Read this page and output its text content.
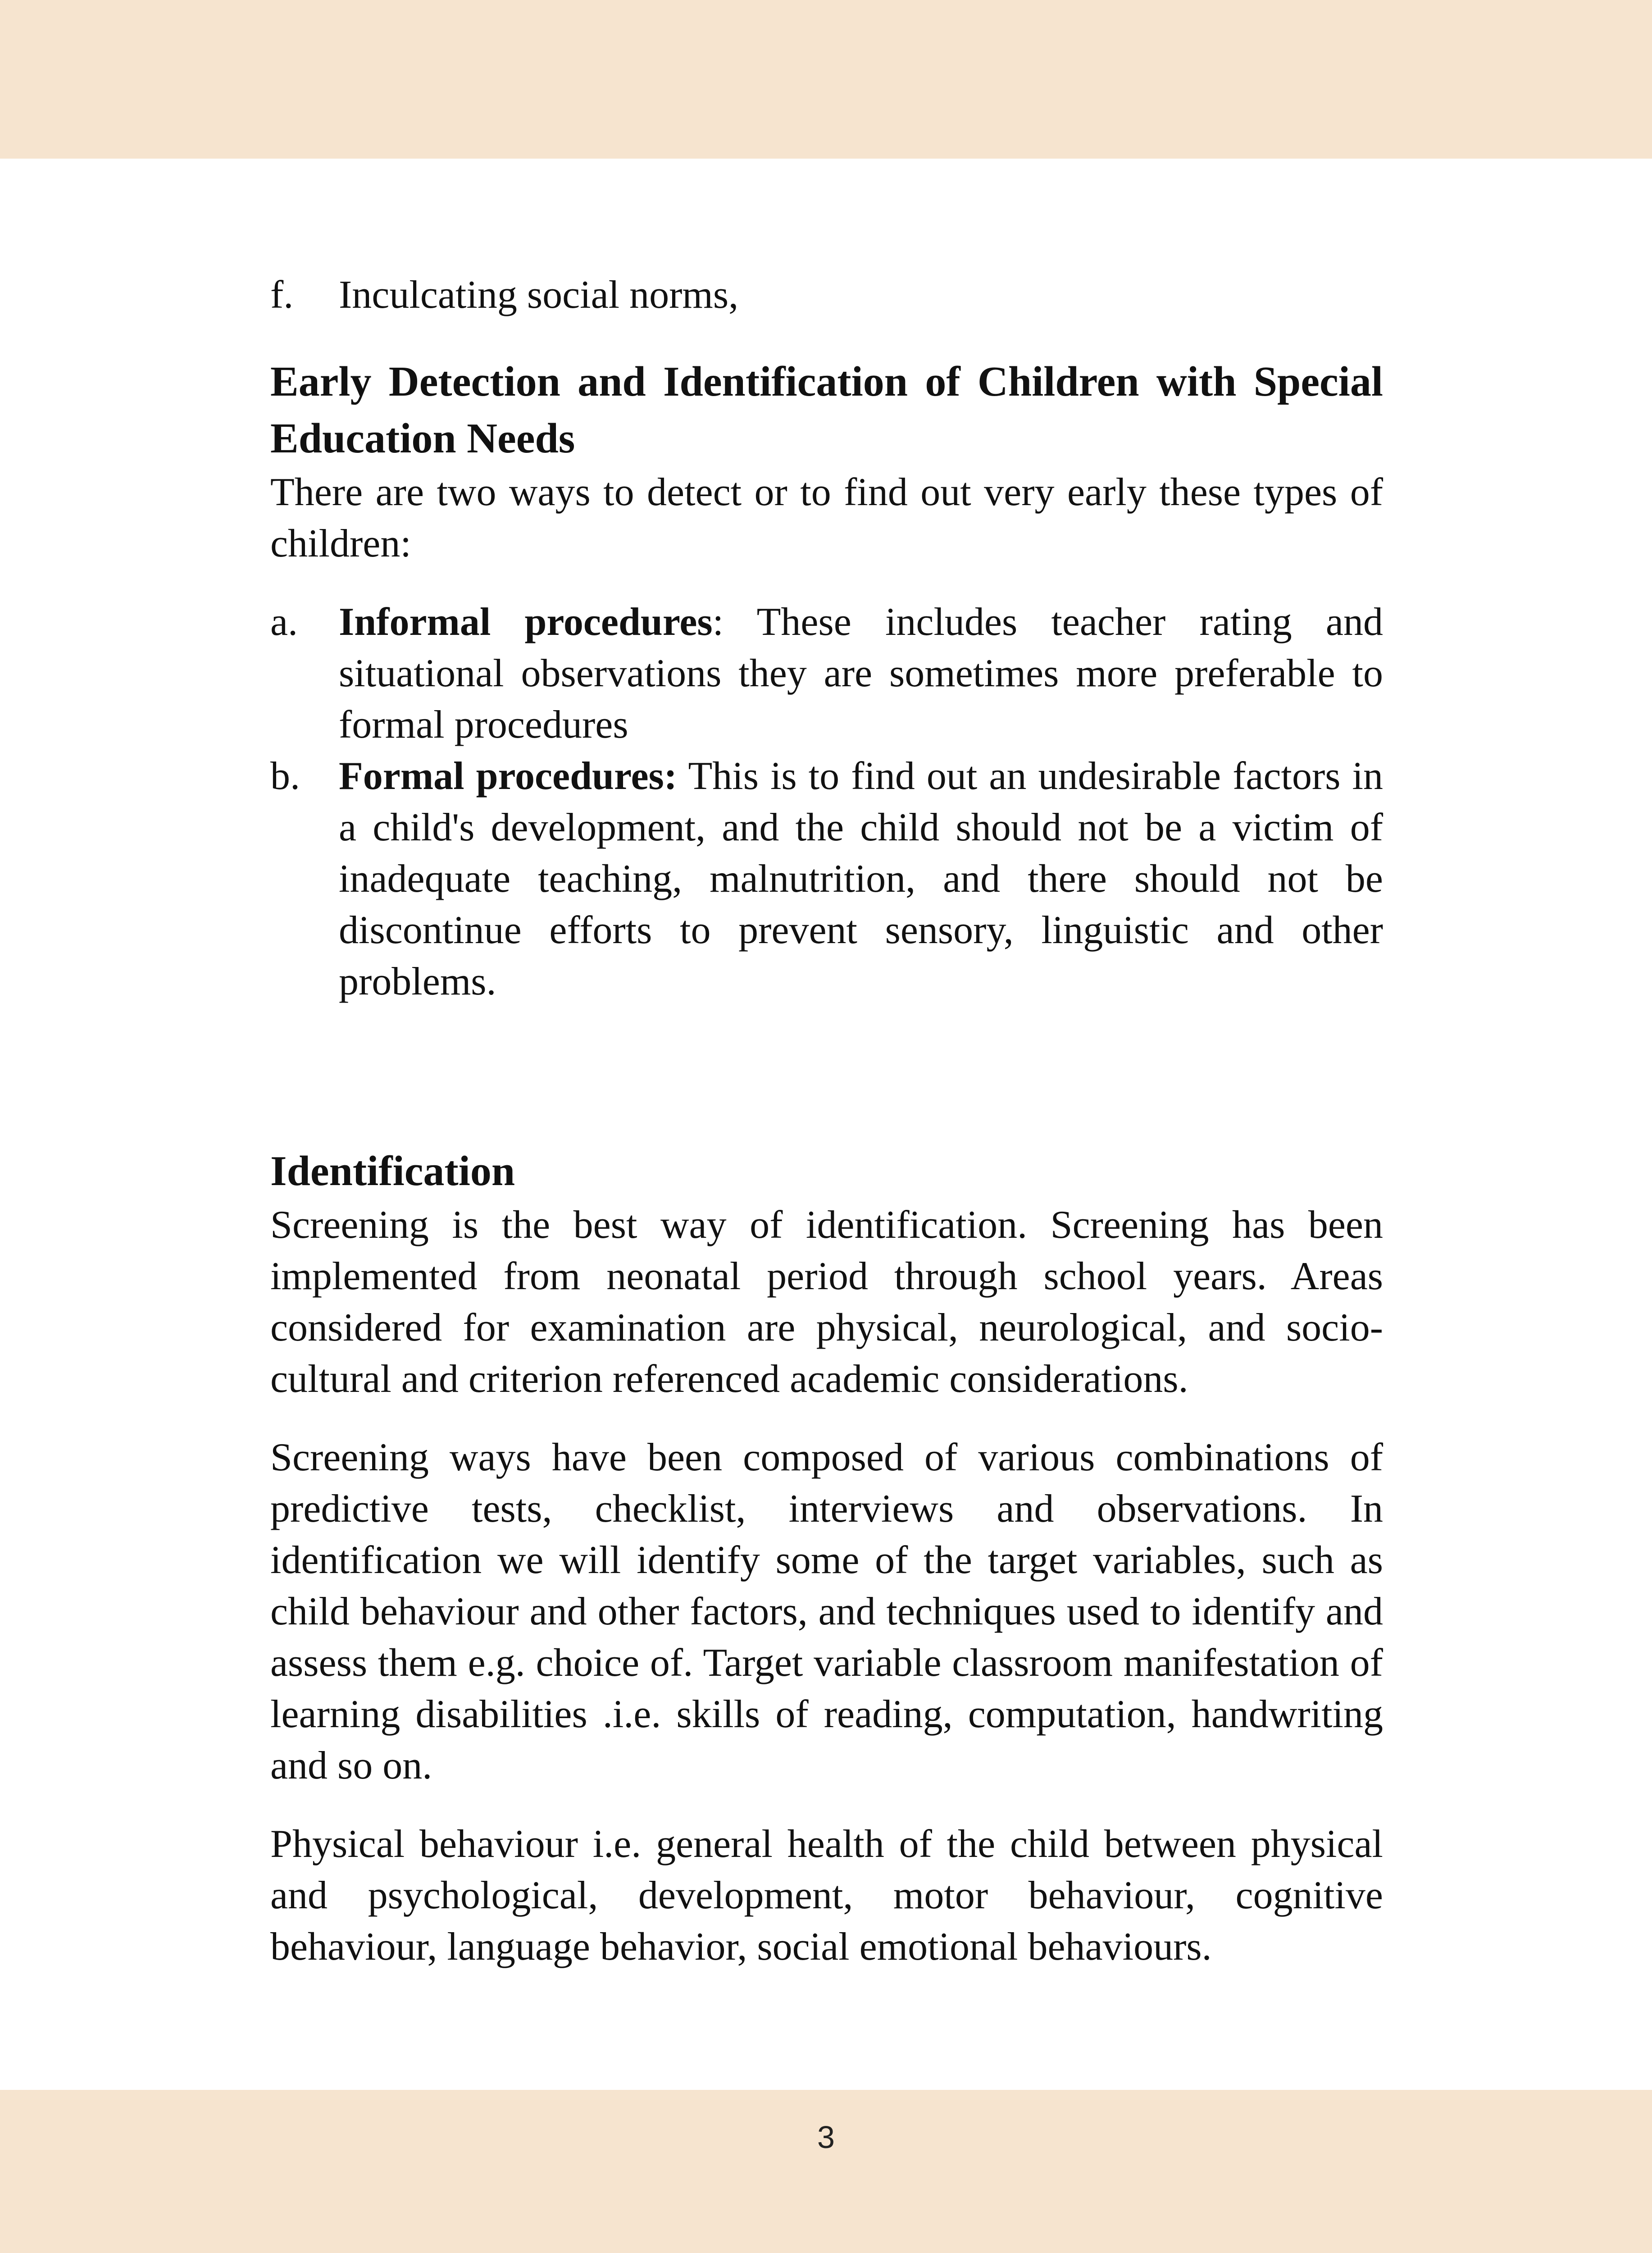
f.	Inculcating social norms,
Early Detection and Identification of Children with Special Education Needs
There are two ways to detect or to find out very early these types of children:
a.	Informal procedures: These includes teacher rating and situational observations they are sometimes more preferable to formal procedures
b. Formal procedures: This is to find out an undesirable factors in a child's development, and the child should not be a victim of inadequate teaching, malnutrition, and there should not be discontinue efforts to prevent sensory, linguistic and other problems.
Identification
Screening is the best way of identification. Screening has been implemented from neonatal period through school years. Areas considered for examination are physical, neurological, and socio-cultural and criterion referenced academic considerations.
Screening ways have been composed of various combinations of predictive tests, checklist, interviews and observations. In identification we will identify some of the target variables, such as child behaviour and other factors, and techniques used to identify and assess them e.g. choice of. Target variable classroom manifestation of learning disabilities .i.e. skills of reading, computation, handwriting and so on.
Physical behaviour i.e. general health of the child between physical and psychological, development, motor behaviour, cognitive behaviour, language behavior, social emotional behaviours.
3
